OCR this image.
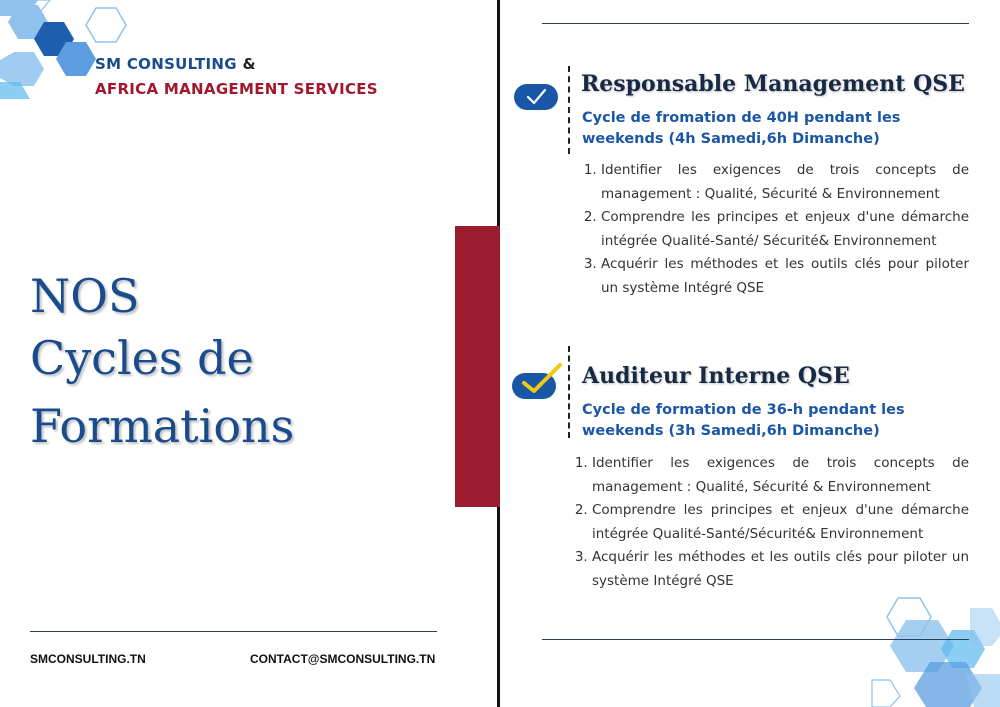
SM CONSULTING &
AFRICA MANAGEMENT SERVICES
NOS
Cycles de
Formations
SMCONSULTING.TN	CONTACT@SMCONSULTING.TN
Responsable Management QSE
Cycle de fromation de 40H pendant les
weekends (4h Samedi,6h Dimanche)
1. Identifier les exigences de trois concepts de management : Qualité, Sécurité & Environnement
2. Comprendre les principes et enjeux d'une démarche intégrée Qualité-Santé/ Sécurité& Environnement
3. Acquérir les méthodes et les outils clés pour piloter un système Intégré QSE
Auditeur Interne QSE
Cycle de formation de 36-h pendant les
weekends (3h Samedi,6h Dimanche)
1. Identifier les exigences de trois concepts de management : Qualité, Sécurité & Environnement
2. Comprendre les principes et enjeux d'une démarche intégrée Qualité-Santé/Sécurité& Environnement
3. Acquérir les méthodes et les outils clés pour piloter un système Intégré QSE
